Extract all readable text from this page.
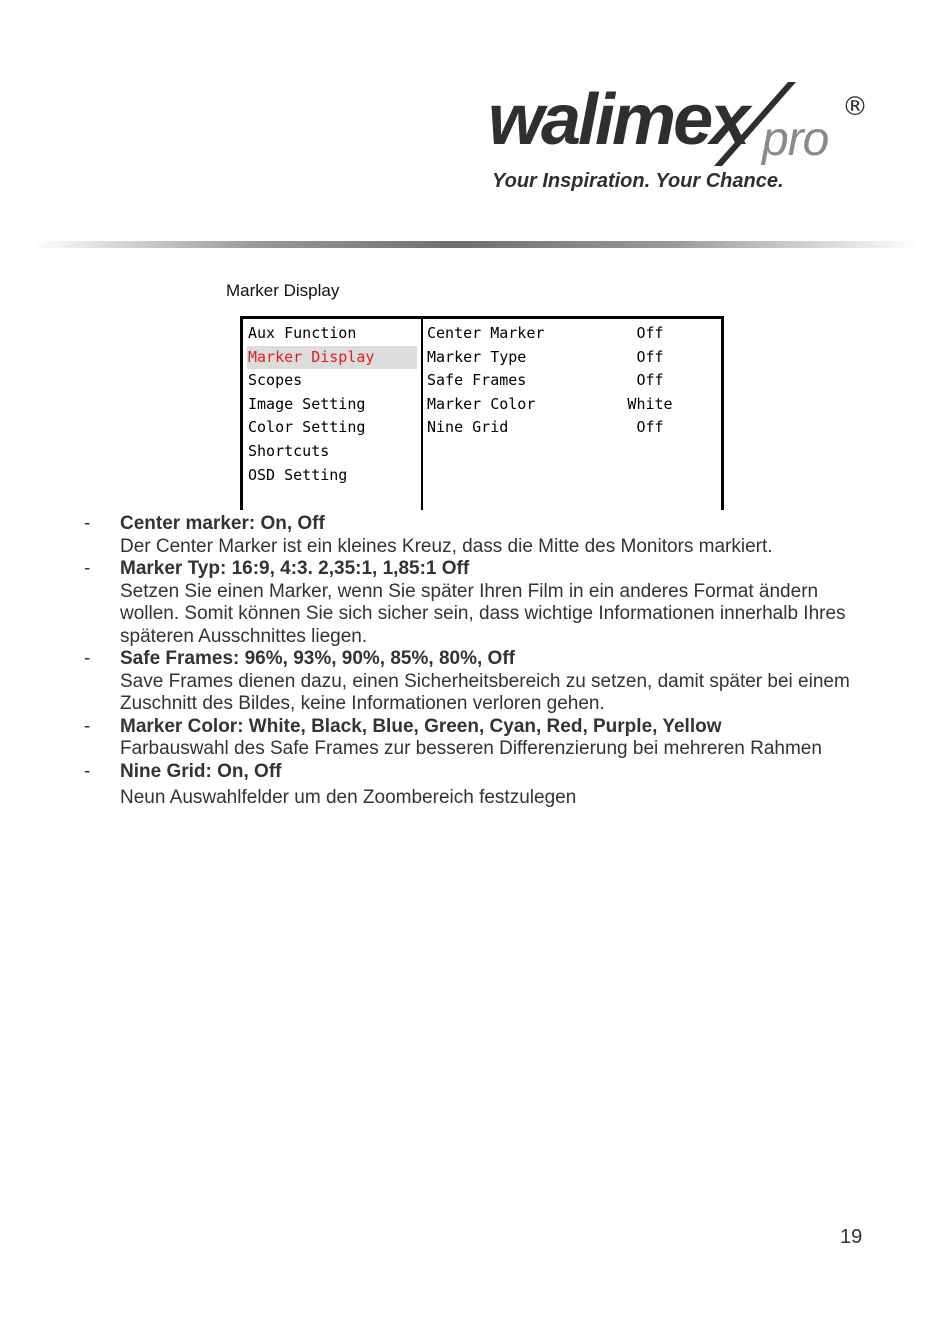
walimex pro
®
Your Inspiration. Your Chance.
Marker Display
Aux Function
Marker Display
Scopes
Image Setting
Color Setting
Shortcuts
OSD Setting
Center Marker	Off
Marker Type	Off
Safe Frames	Off
Marker Color	White
Nine Grid	Off
- Center marker: On, Off
Der Center Marker ist ein kleines Kreuz, dass die Mitte des Monitors markiert.
- Marker Typ: 16:9, 4:3. 2,35:1, 1,85:1 Off
Setzen Sie einen Marker, wenn Sie später Ihren Film in ein anderes Format ändern wollen. Somit können Sie sich sicher sein, dass wichtige Informationen innerhalb Ihres späteren Ausschnittes liegen.
- Safe Frames: 96%, 93%, 90%, 85%, 80%, Off
Save Frames dienen dazu, einen Sicherheitsbereich zu setzen, damit später bei einem Zuschnitt des Bildes, keine Informationen verloren gehen.
- Marker Color: White, Black, Blue, Green, Cyan, Red, Purple, Yellow
Farbauswahl des Safe Frames zur besseren Differenzierung bei mehreren Rahmen
- Nine Grid: On, Off
Neun Auswahlfelder um den Zoombereich festzulegen
19
